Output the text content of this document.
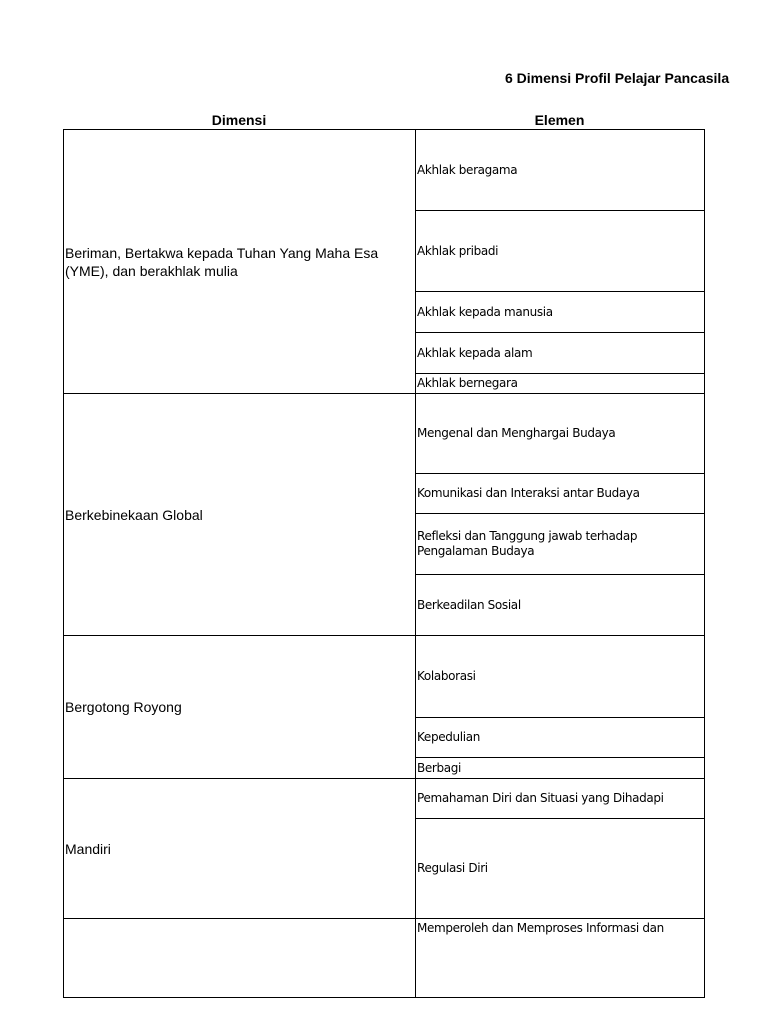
6 Dimensi Profil Pelajar Pancasila
Dimensi	Elemen
Beriman, Bertakwa kepada Tuhan Yang Maha Esa (YME), dan berakhlak mulia
Akhlak beragama
Akhlak pribadi
Akhlak kepada manusia
Akhlak kepada alam
Akhlak bernegara
Berkebinekaan Global
Mengenal dan Menghargai Budaya
Komunikasi dan Interaksi antar Budaya
Refleksi dan Tanggung jawab terhadap Pengalaman Budaya
Berkeadilan Sosial
Bergotong Royong
Kolaborasi
Kepedulian
Berbagi
Mandiri
Pemahaman Diri dan Situasi yang Dihadapi
Regulasi Diri
Memperoleh dan Memproses Informasi dan
